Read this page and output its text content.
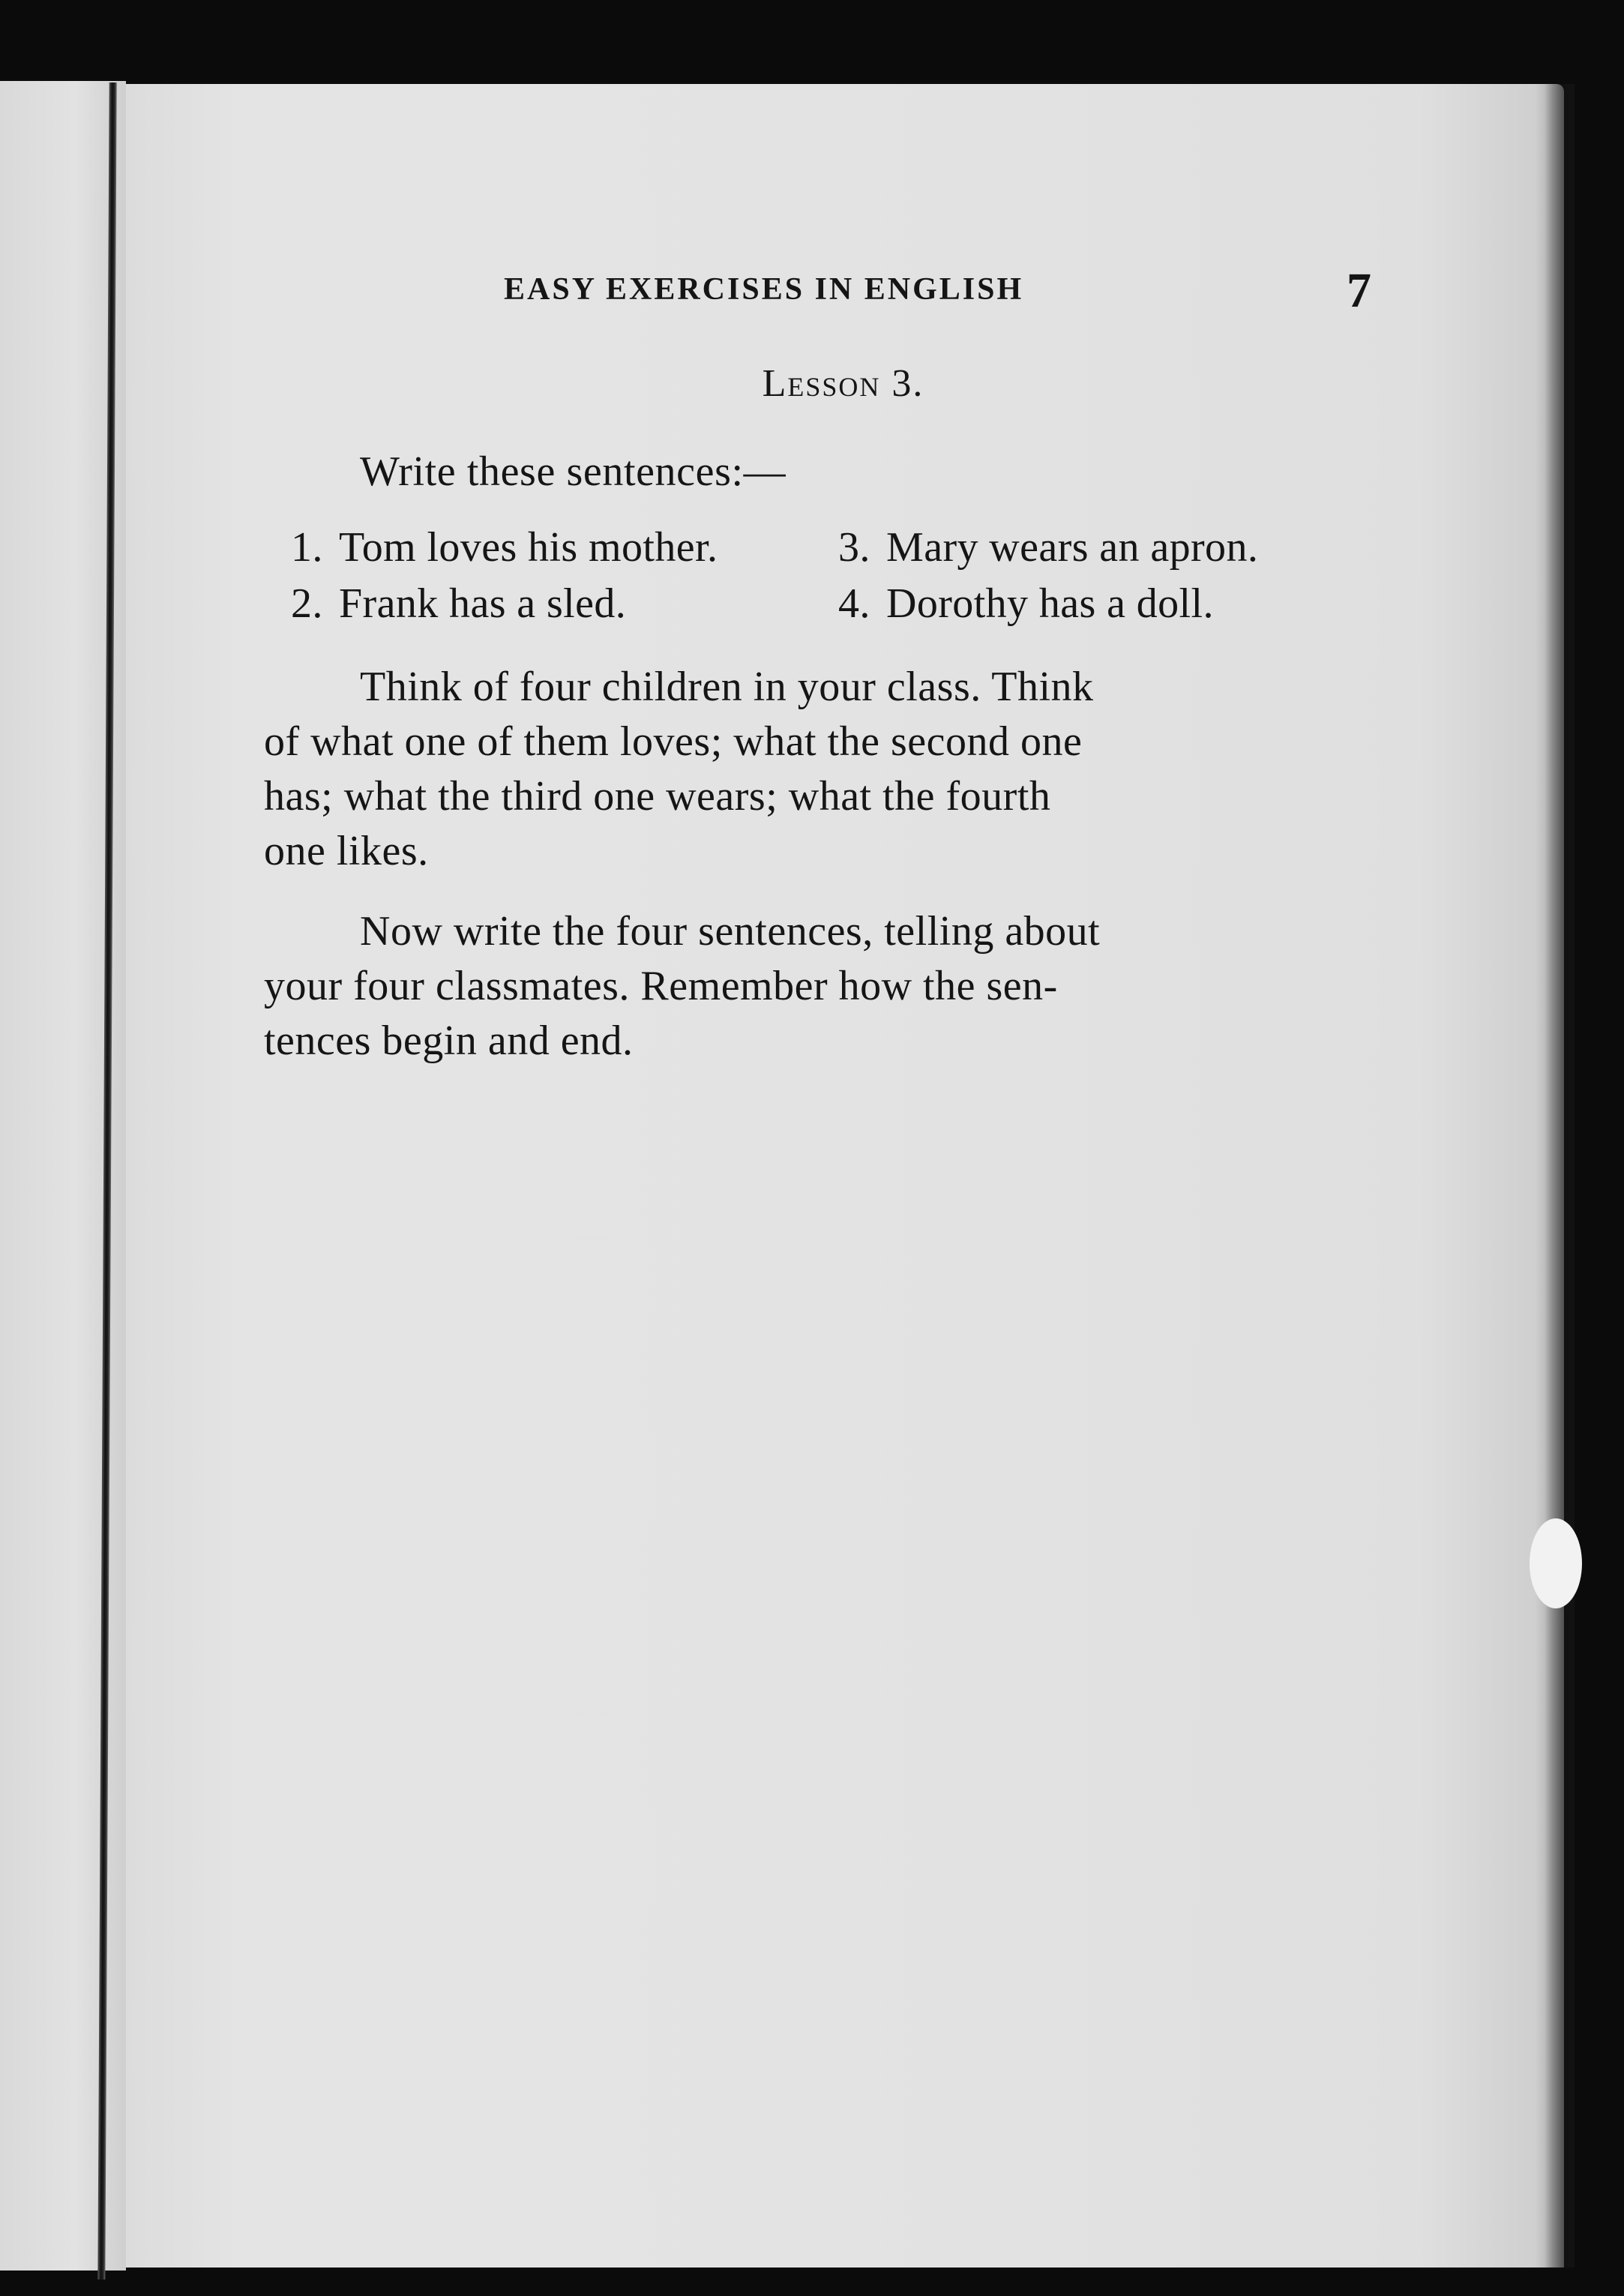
EASY EXERCISES IN ENGLISH	7
Lesson 3.

Write these sentences:—

1. Tom loves his mother.	3. Mary wears an apron.
2. Frank has a sled.	4. Dorothy has a doll.
Think of four children in your class. Think
of what one of them loves; what the second one
has; what the third one wears; what the fourth
one likes.
Now write the four sentences, telling about
your four classmates. Remember how the sen-
tences begin and end.
